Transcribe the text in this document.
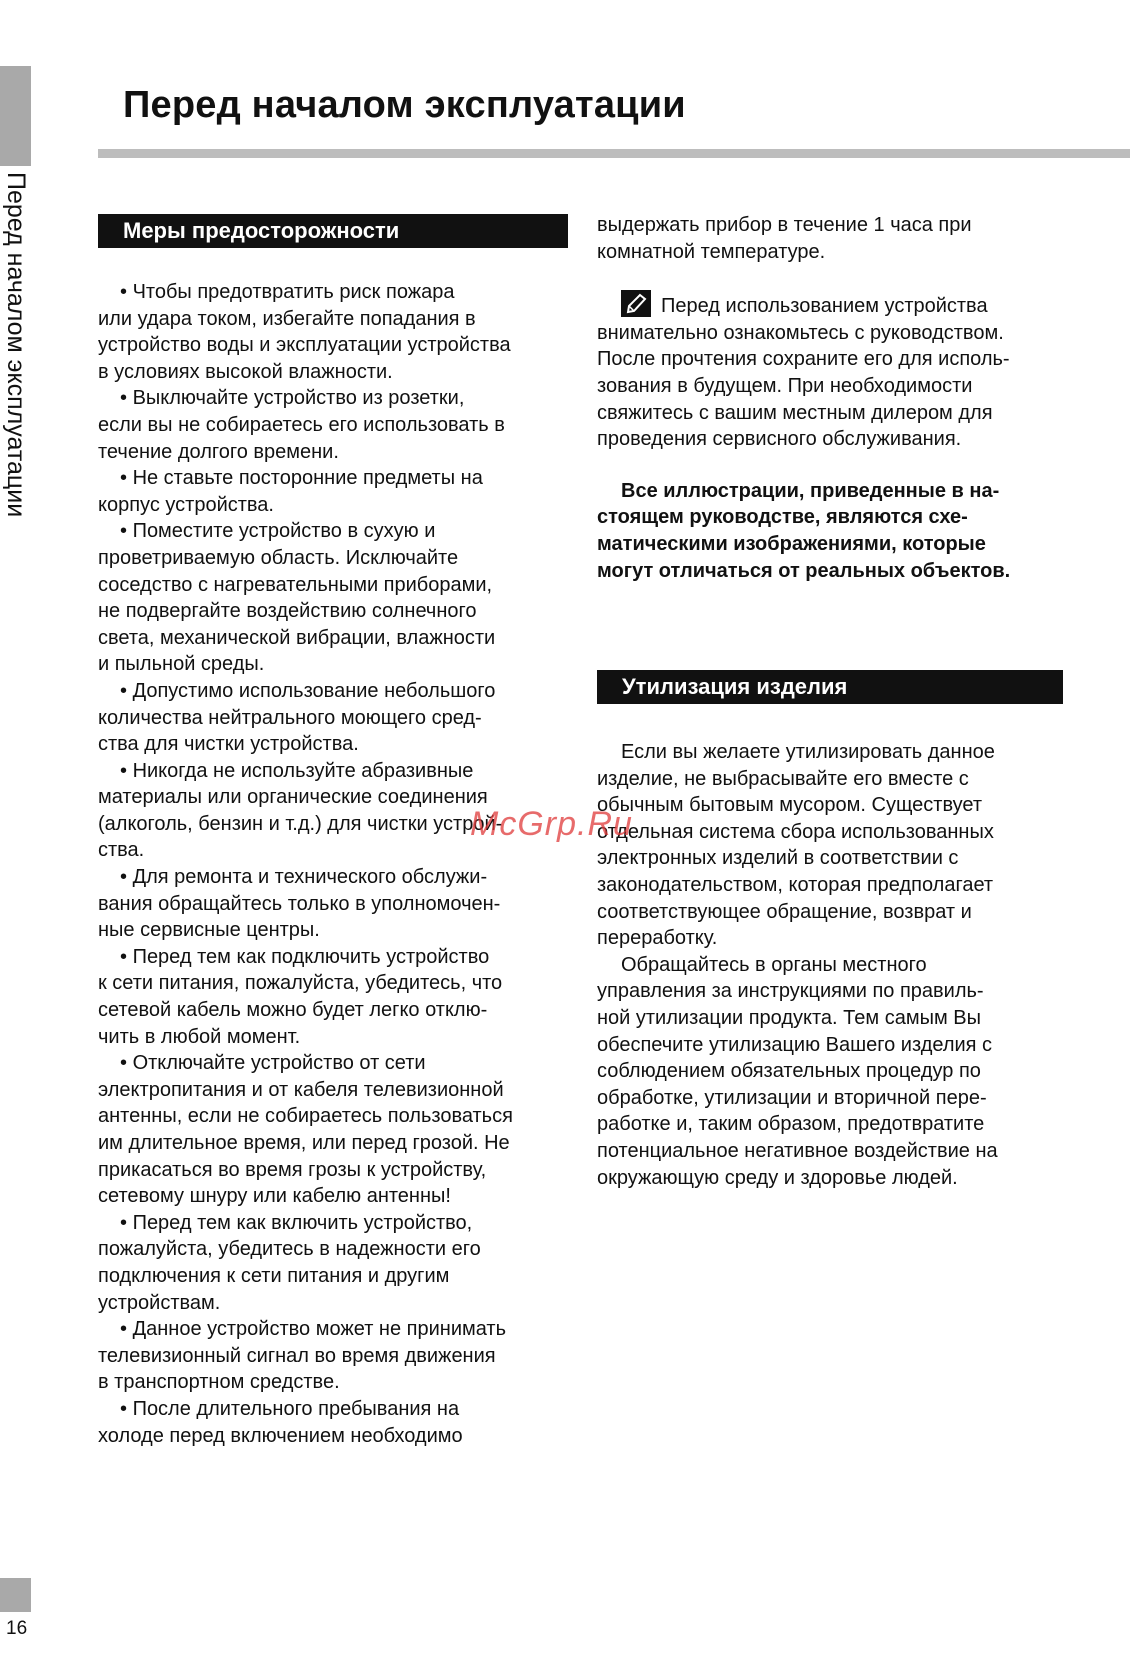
Перед началом эксплуатации
16
Перед началом эксплуатации
Меры предосторожности

• Чтобы предотвратить риск пожара

или удара током, избегайте попадания в

устройство воды и эксплуатации устройства

в условиях высокой влажности.

• Выключайте устройство из розетки,

если вы не собираетесь его использовать в

течение долгого времени.

• Не ставьте посторонние предметы на

корпус устройства.

• Поместите устройство в сухую и

проветриваемую область. Исключайте

соседство с нагревательными приборами,

не подвергайте воздействию солнечного

света, механической вибрации, влажности

и пыльной среды.

• Допустимо использование небольшого

количества нейтрального моющего сред-

ства для чистки устройства.

• Никогда не используйте абразивные

материалы или органические соединения

(алкоголь, бензин и т.д.) для чистки устрой-

ства.

• Для ремонта и технического обслужи-

вания обращайтесь только в уполномочен-

ные сервисные центры.

• Перед тем как подключить устройство

к сети питания, пожалуйста, убедитесь, что

сетевой кабель можно будет легко отклю-

чить в любой момент.

• Отключайте устройство от сети

электропитания и от кабеля телевизионной

антенны, если не собираетесь пользоваться

им длительное время, или перед грозой. Не

прикасаться во время грозы к устройству,

сетевому шнуру или кабелю антенны!

• Перед тем как включить устройство,

пожалуйста, убедитесь в надежности его

подключения к сети питания и другим

устройствам.

• Данное устройство может не принимать

телевизионный сигнал во время движения

в транспортном средстве.

• После длительного пребывания на

холоде перед включением необходимо

выдержать прибор в течение 1 часа при

комнатной температуре.

Перед использованием устройства

внимательно ознакомьтесь с руководством.

После прочтения сохраните его для исполь-

зования в будущем. При необходимости

свяжитесь с вашим местным дилером для

проведения сервисного обслуживания.

Все иллюстрации, приведенные в на-

стоящем руководстве, являются схе-

матическими изображениями, которые

могут отличаться от реальных объектов.

Утилизация изделия

Если вы желаете утилизировать данное

изделие, не выбрасывайте его вместе с

обычным бытовым мусором. Существует

отдельная система сбора использованных

электронных изделий в соответствии с

законодательством, которая предполагает

соответствующее обращение, возврат и

переработку.

Обращайтесь в органы местного

управления за инструкциями по правиль-

ной утилизации продукта. Тем самым Вы

обеспечите утилизацию Вашего изделия с

соблюдением обязательных процедур по

обработке, утилизации и вторичной пере-

работке и, таким образом, предотвратите

потенциальное негативное воздействие на

окружающую среду и здоровье людей.

McGrp.Ru
